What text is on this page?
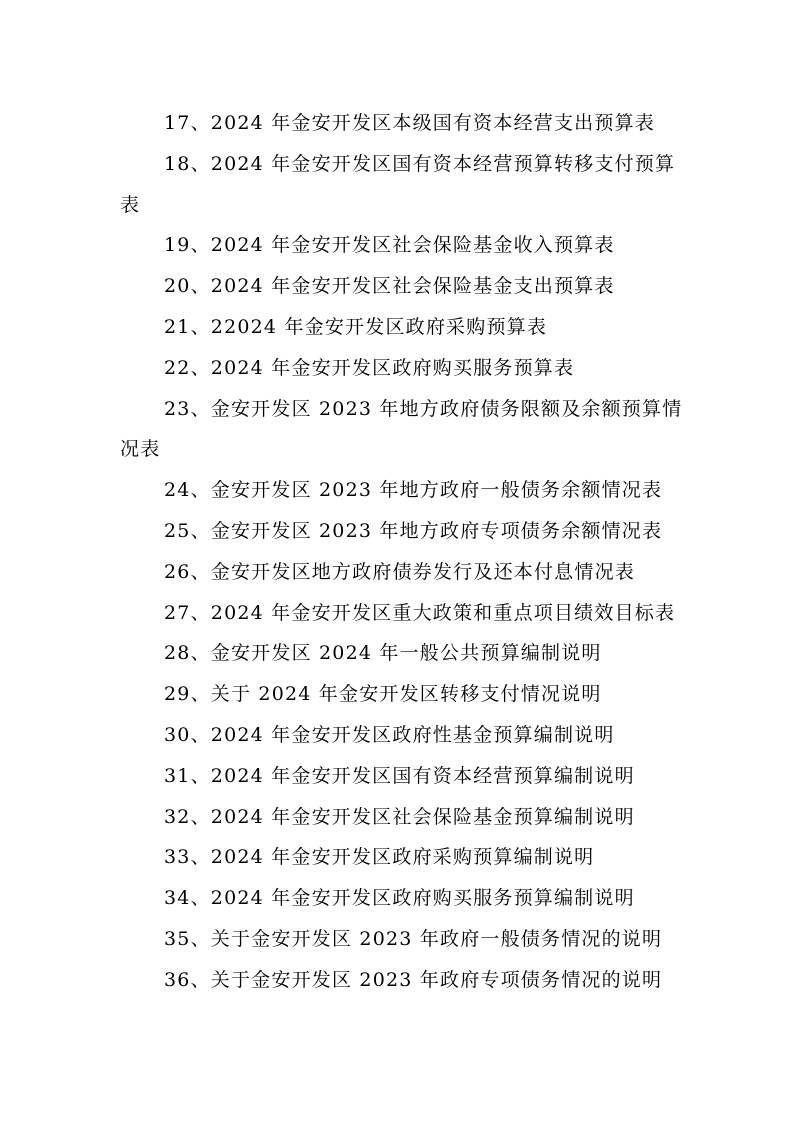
17、2024 年金安开发区本级国有资本经营支出预算表
18、2024 年金安开发区国有资本经营预算转移支付预算表
19、2024 年金安开发区社会保险基金收入预算表
20、2024 年金安开发区社会保险基金支出预算表
21、22024 年金安开发区政府采购预算表
22、2024 年金安开发区政府购买服务预算表
23、金安开发区 2023 年地方政府债务限额及余额预算情况表
24、金安开发区 2023 年地方政府一般债务余额情况表
25、金安开发区 2023 年地方政府专项债务余额情况表
26、金安开发区地方政府债券发行及还本付息情况表
27、2024 年金安开发区重大政策和重点项目绩效目标表
28、金安开发区 2024 年一般公共预算编制说明
29、关于 2024 年金安开发区转移支付情况说明
30、2024 年金安开发区政府性基金预算编制说明
31、2024 年金安开发区国有资本经营预算编制说明
32、2024 年金安开发区社会保险基金预算编制说明
33、2024 年金安开发区政府采购预算编制说明
34、2024 年金安开发区政府购买服务预算编制说明
35、关于金安开发区 2023 年政府一般债务情况的说明
36、关于金安开发区 2023 年政府专项债务情况的说明
